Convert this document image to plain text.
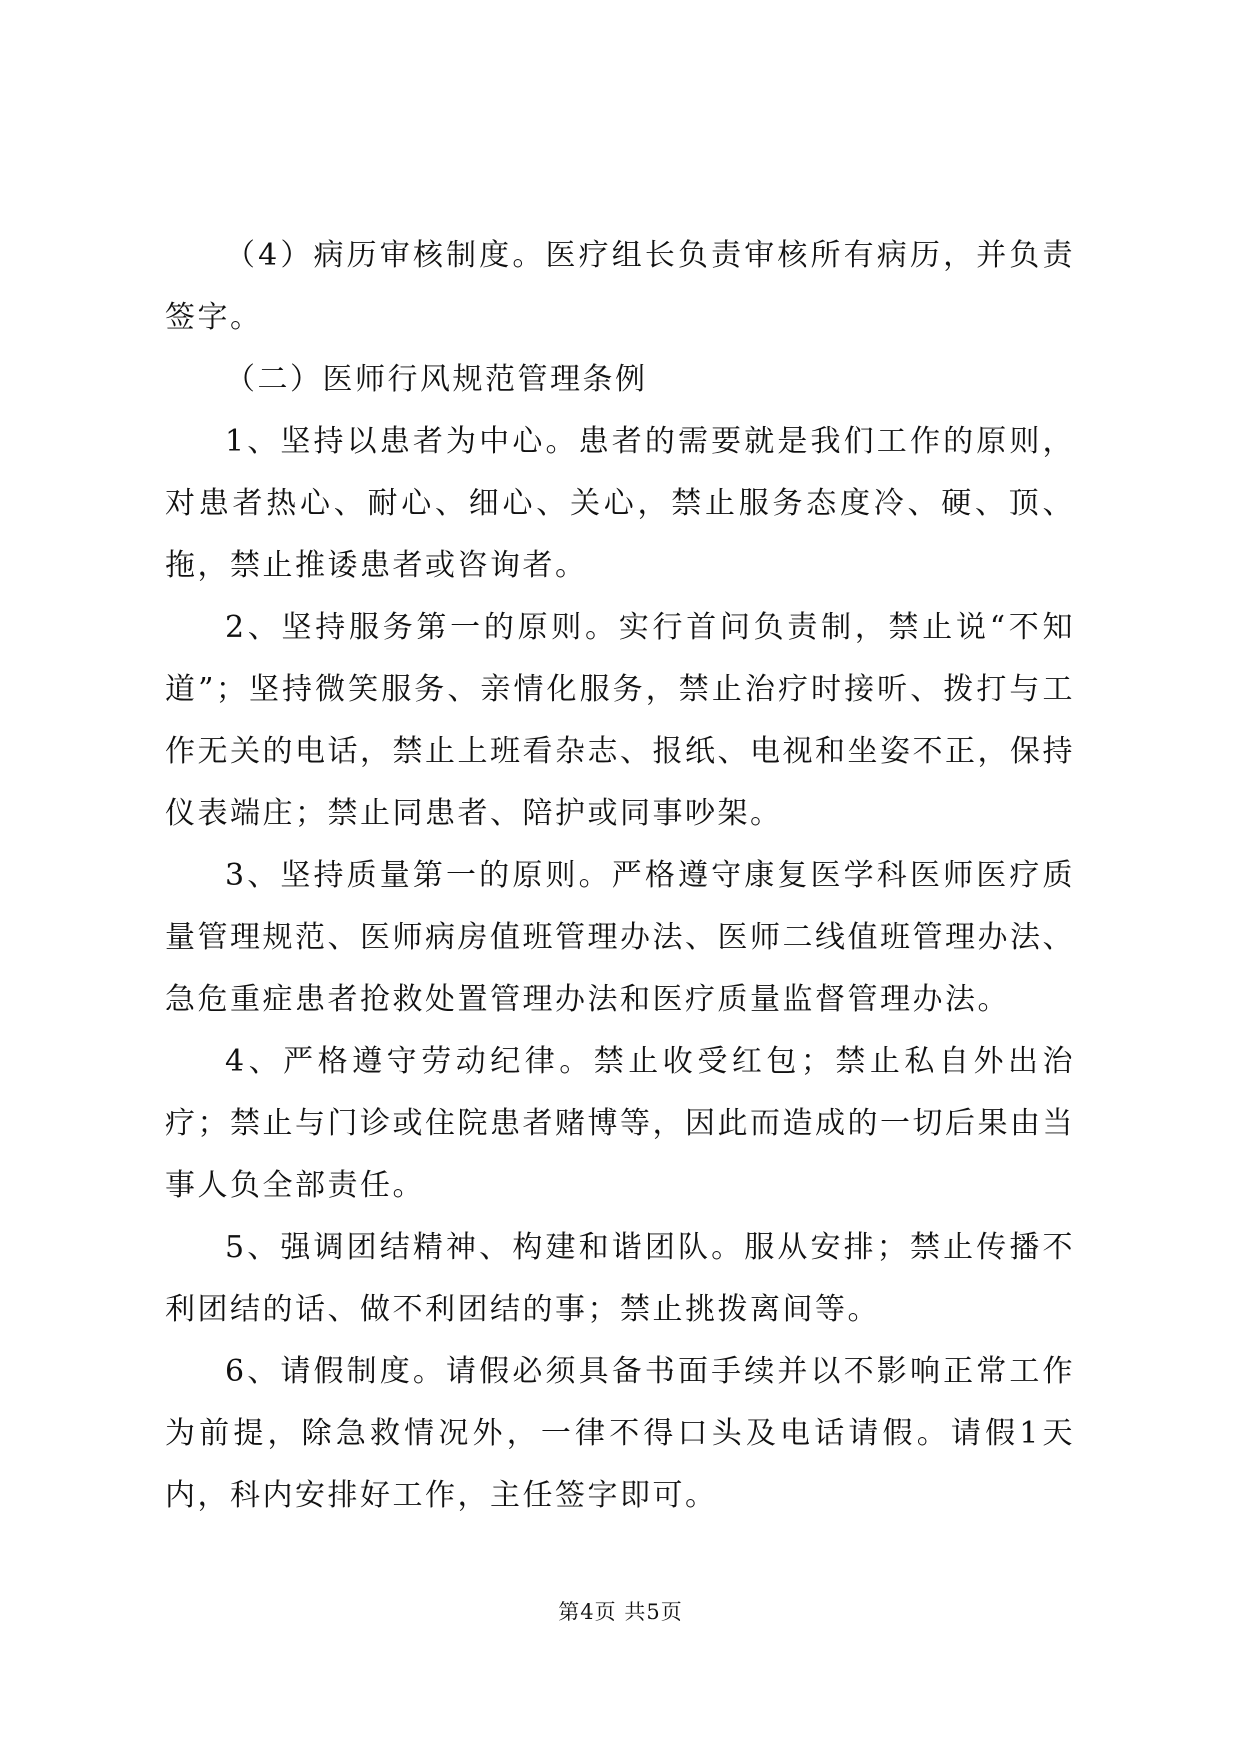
（4）病历审核制度。医疗组长负责审核所有病历，并负责签字。

（二）医师行风规范管理条例

1、坚持以患者为中心。患者的需要就是我们工作的原则，对患者热心、耐心、细心、关心，禁止服务态度冷、硬、顶、拖，禁止推诿患者或咨询者。

2、坚持服务第一的原则。实行首问负责制，禁止说“不知道”；坚持微笑服务、亲情化服务，禁止治疗时接听、拨打与工作无关的电话，禁止上班看杂志、报纸、电视和坐姿不正，保持仪表端庄；禁止同患者、陪护或同事吵架。

3、坚持质量第一的原则。严格遵守康复医学科医师医疗质量管理规范、医师病房值班管理办法、医师二线值班管理办法、急危重症患者抢救处置管理办法和医疗质量监督管理办法。

4、严格遵守劳动纪律。禁止收受红包；禁止私自外出治疗；禁止与门诊或住院患者赌博等，因此而造成的一切后果由当事人负全部责任。

5、强调团结精神、构建和谐团队。服从安排；禁止传播不利团结的话、做不利团结的事；禁止挑拨离间等。

6、请假制度。请假必须具备书面手续并以不影响正常工作为前提，除急救情况外，一律不得口头及电话请假。请假1天内，科内安排好工作，主任签字即可。

第4页 共5页
